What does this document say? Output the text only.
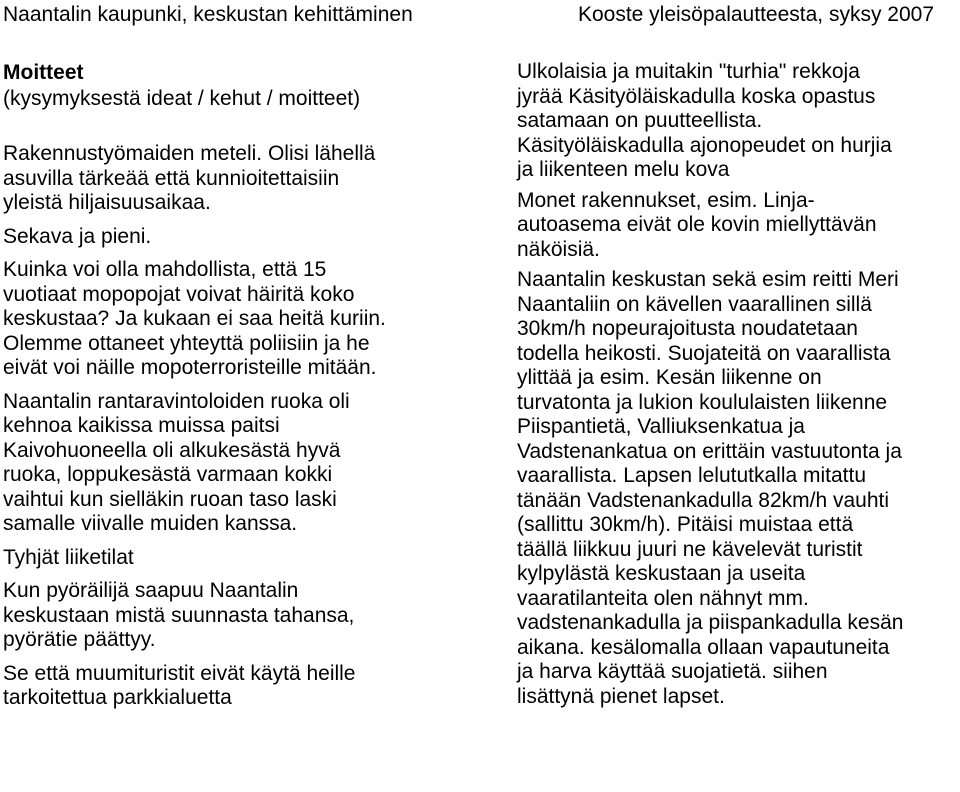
Naantalin kaupunki, keskustan kehittäminen	Kooste yleisöpalautteesta, syksy 2007
Moitteet
(kysymyksestä ideat / kehut / moitteet)
Rakennustyömaiden meteli. Olisi lähellä
asuvilla tärkeää että kunnioitettaisiin
yleistä hiljaisuusaikaa.
Sekava ja pieni.
Kuinka voi olla mahdollista, että 15
vuotiaat mopopojat voivat häiritä koko
keskustaa? Ja kukaan ei saa heitä kuriin.
Olemme ottaneet yhteyttä poliisiin ja he
eivät voi näille mopoterroristeille mitään.
Naantalin rantaravintoloiden ruoka oli
kehnoa kaikissa muissa paitsi
Kaivohuoneella oli alkukesästä hyvä
ruoka, loppukesästä varmaan kokki
vaihtui kun sielläkin ruoan taso laski
samalle viivalle muiden kanssa.
Tyhjät liiketilat
Kun pyöräilijä saapuu Naantalin
keskustaan mistä suunnasta tahansa,
pyörätie päättyy.
Se että muumituristit eivät käytä heille
tarkoitettua parkkialuetta
Ulkolaisia ja muitakin "turhia" rekkoja
jyrää Käsityöläiskadulla koska opastus
satamaan on puutteellista.
Käsityöläiskadulla ajonopeudet on hurjia
ja liikenteen melu kova
Monet rakennukset, esim. Linja-
autoasema eivät ole kovin miellyttävän
näköisiä.
Naantalin keskustan sekä esim reitti Meri
Naantaliin on kävellen vaarallinen sillä
30km/h nopeurajoitusta noudatetaan
todella heikosti. Suojateitä on vaarallista
ylittää ja esim. Kesän liikenne on
turvatonta ja lukion koululaisten liikenne
Piispantietä, Valliuksenkatua ja
Vadstenankatua on erittäin vastuutonta ja
vaarallista. Lapsen lelututkalla mitattu
tänään Vadstenankadulla 82km/h vauhti
(sallittu 30km/h). Pitäisi muistaa että
täällä liikkuu juuri ne kävelevät turistit
kylpylästä keskustaan ja useita
vaaratilanteita olen nähnyt mm.
vadstenankadulla ja piispankadulla kesän
aikana. kesälomalla ollaan vapautuneita
ja harva käyttää suojatietä. siihen
lisättynä pienet lapset.
